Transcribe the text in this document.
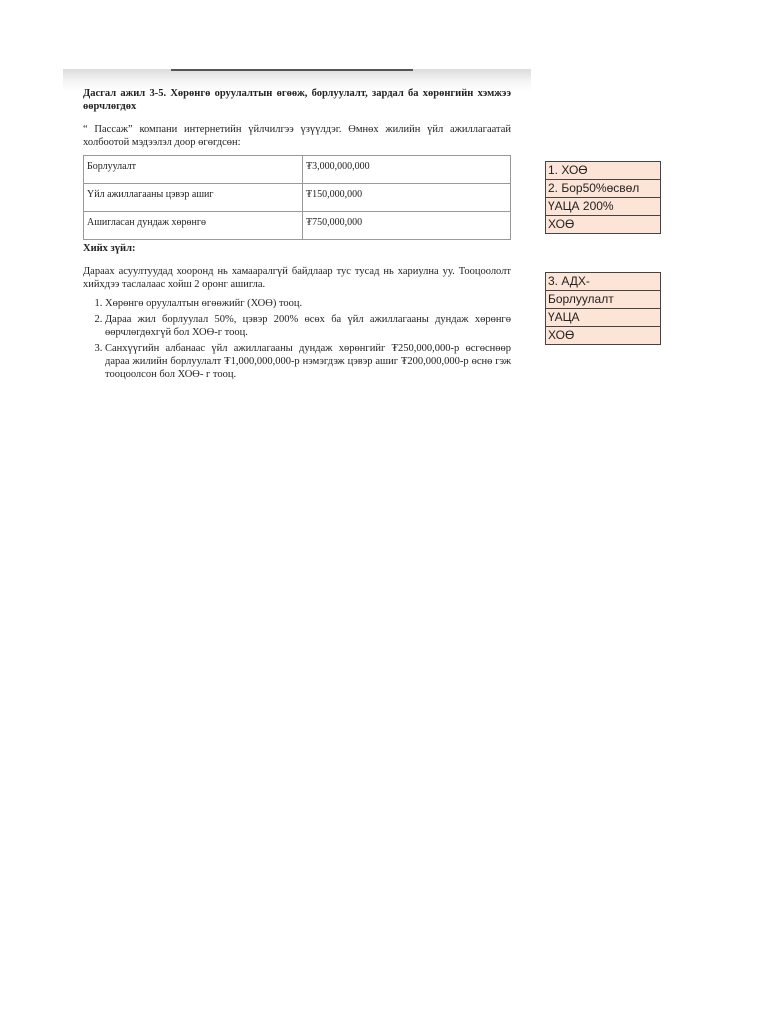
Дасгал ажил 3-5. Хөрөнгө оруулалтын өгөөж, борлуулалт, зардал ба хөрөнгийн хэмжээ өөрчлөгдөх

“ Пассаж” компани интернетийн үйлчилгээ үзүүлдэг. Өмнөх жилийн үйл ажиллагаатай холбоотой мэдээлэл доор өгөгдсөн:

Борлуулалт	₮3,000,000,000
Үйл ажиллагааны цэвэр ашиг	₮150,000,000
Ашигласан дундаж хөрөнгө	₮750,000,000

Хийх зүйл:

Дараах асуултуудад хооронд нь хамааралгүй байдлаар тус тусад нь хариулна уу. Тооцоололт хийхдээ таслалаас хойш 2 оронг ашигла.

1. Хөрөнгө оруулалтын өгөөжийг (ХОӨ) тооц.
2. Дараа жил борлуулал 50%, цэвэр 200% өсөх ба үйл ажиллагааны дундаж хөрөнгө өөрчлөгдөхгүй бол ХОӨ-г тооц.
3. Санхүүгийн албанаас үйл ажиллагааны дундаж хөрөнгийг ₮250,000,000-р өсгөснөөр дараа жилийн борлуулалт ₮1,000,000,000-р нэмэгдэж цэвэр ашиг ₮200,000,000-р өснө гэж тооцоолсон бол ХОӨ- г тооц.
1. ХОӨ
2. Бор50%өсвөл
ҮАЦА 200%
ХОӨ
3. АДХ-
Борлуулалт
ҮАЦА
ХОӨ
